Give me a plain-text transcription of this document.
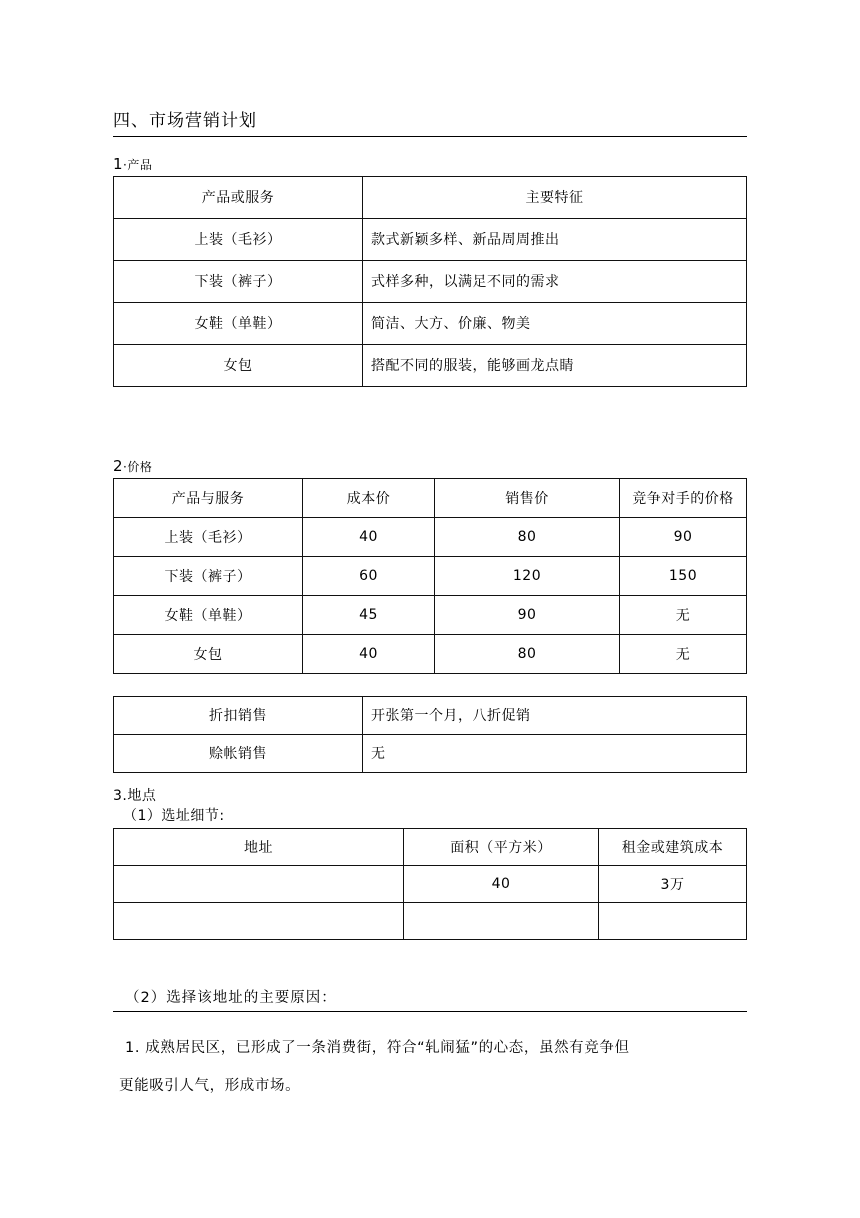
四、市场营销计划
1·产品
产品或服务	主要特征
上装（毛衫）	款式新颖多样、新品周周推出
下装（裤子）	式样多种，以满足不同的需求
女鞋（单鞋）	简洁、大方、价廉、物美
女包	搭配不同的服装，能够画龙点睛
2·价格
产品与服务	成本价	销售价	竞争对手的价格
上装（毛衫）	40	80	90
下装（裤子）	60	120	150
女鞋（单鞋）	45	90	无
女包	40	80	无
折扣销售	开张第一个月，八折促销
赊帐销售	无
3.地点
（1）选址细节:
地址	面积（平方米）	租金或建筑成本
	40	3万

（2）选择该地址的主要原因：
1. 成熟居民区，已形成了一条消费街，符合“轧闹猛”的心态，虽然有竞争但
更能吸引人气，形成市场。
